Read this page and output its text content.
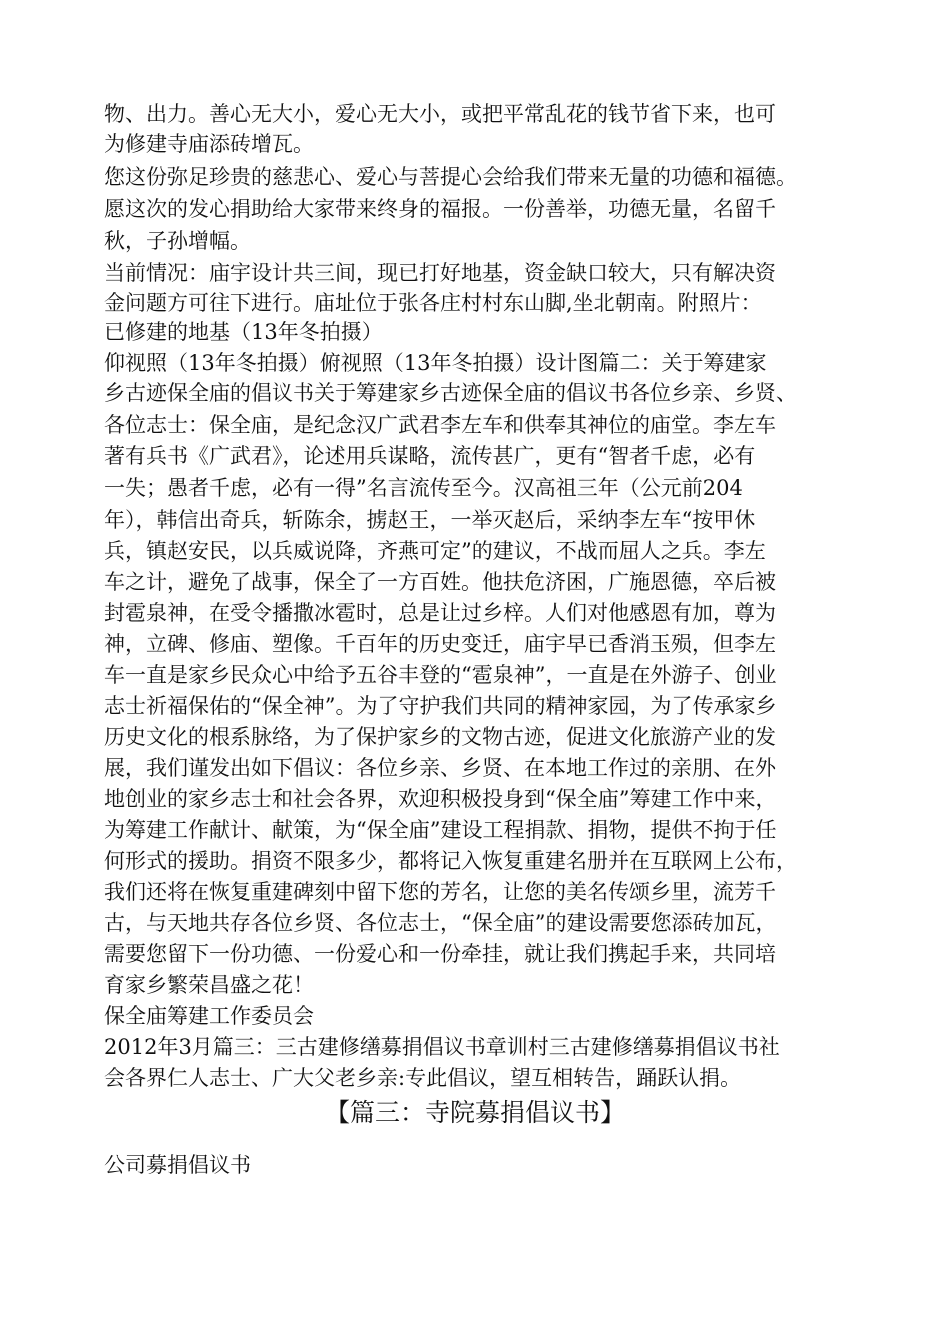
物、出力。善心无大小，爱心无大小，或把平常乱花的钱节省下来，也可
为修建寺庙添砖增瓦。
您这份弥足珍贵的慈悲心、爱心与菩提心会给我们带来无量的功德和福德。
愿这次的发心捐助给大家带来终身的福报。一份善举，功德无量，名留千
秋，子孙增幅。
当前情况：庙宇设计共三间，现已打好地基，资金缺口较大，只有解决资
金问题方可往下进行。庙址位于张各庄村村东山脚,坐北朝南。附照片：
已修建的地基（13年冬拍摄）
仰视照（13年冬拍摄）俯视照（13年冬拍摄）设计图篇二：关于筹建家
乡古迹保全庙的倡议书关于筹建家乡古迹保全庙的倡议书各位乡亲、乡贤、
各位志士：保全庙，是纪念汉广武君李左车和供奉其神位的庙堂。李左车
著有兵书《广武君》，论述用兵谋略，流传甚广，更有“智者千虑，必有
一失；愚者千虑，必有一得”名言流传至今。汉高祖三年（公元前204
年），韩信出奇兵，斩陈余，掳赵王，一举灭赵后，采纳李左车“按甲休
兵，镇赵安民，以兵威说降，齐燕可定”的建议，不战而屈人之兵。李左
车之计，避免了战事，保全了一方百姓。他扶危济困，广施恩德，卒后被
封雹泉神，在受令播撒冰雹时，总是让过乡梓。人们对他感恩有加，尊为
神，立碑、修庙、塑像。千百年的历史变迁，庙宇早已香消玉殒，但李左
车一直是家乡民众心中给予五谷丰登的“雹泉神”，一直是在外游子、创业
志士祈福保佑的“保全神”。为了守护我们共同的精神家园，为了传承家乡
历史文化的根系脉络，为了保护家乡的文物古迹，促进文化旅游产业的发
展，我们谨发出如下倡议：各位乡亲、乡贤、在本地工作过的亲朋、在外
地创业的家乡志士和社会各界，欢迎积极投身到“保全庙”筹建工作中来，
为筹建工作献计、献策，为“保全庙”建设工程捐款、捐物，提供不拘于任
何形式的援助。捐资不限多少，都将记入恢复重建名册并在互联网上公布，
我们还将在恢复重建碑刻中留下您的芳名，让您的美名传颂乡里，流芳千
古，与天地共存各位乡贤、各位志士，“保全庙”的建设需要您添砖加瓦，
需要您留下一份功德、一份爱心和一份牵挂，就让我们携起手来，共同培
育家乡繁荣昌盛之花！
保全庙筹建工作委员会
2012年3月篇三：三古建修缮募捐倡议书章训村三古建修缮募捐倡议书社
会各界仁人志士、广大父老乡亲:专此倡议，望互相转告，踊跃认捐。
【篇三：寺院募捐倡议书】
公司募捐倡议书
